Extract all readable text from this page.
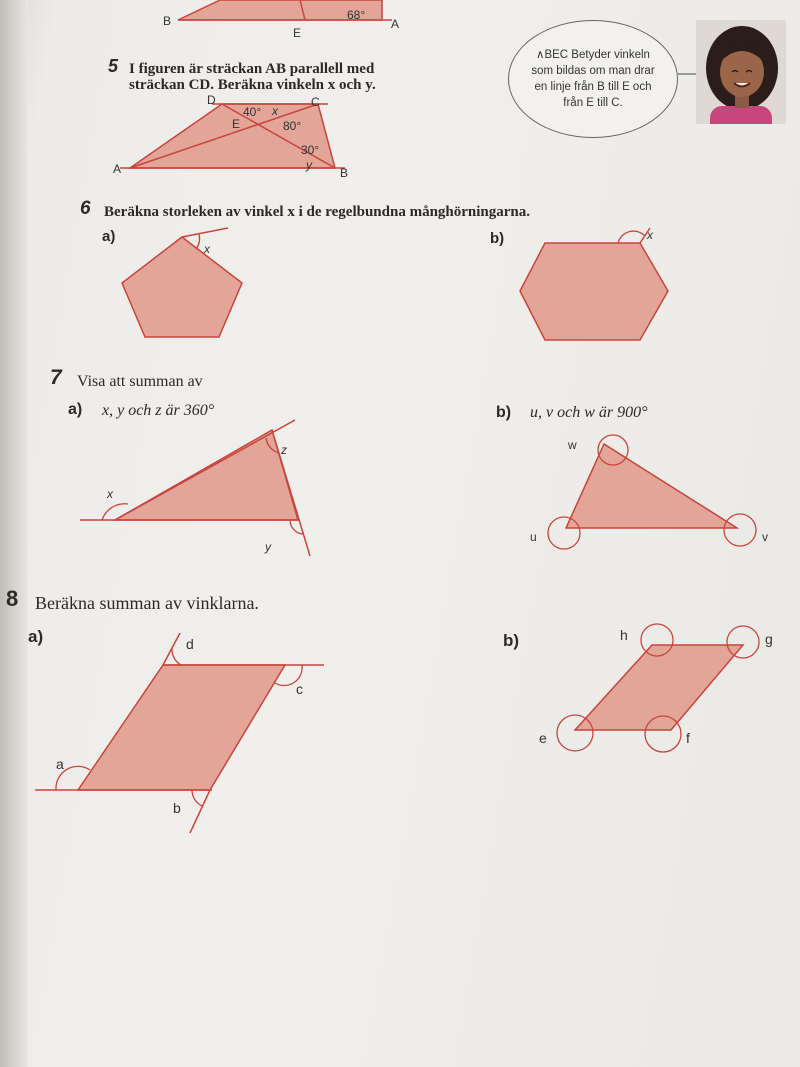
B
E
A
68°
5 I figuren är sträckan AB parallell med
sträckan CD. Beräkna vinkeln x och y.
D	C
E
A	B
40° x
80°
30°
y
∧BEC Betyder vinkeln som bildas om man drar en linje från B till E och från E till C.
6 Beräkna storleken av vinkel x i de regelbundna månghörningarna.
a)	b)
x
x
7 Visa att summan av
a) x, y och z är 360°	b) u, v och w är 900°
x
z
y
w
u	v
8 Beräkna summan av vinklarna.
a)	b)
a
b
c
d
e	f
g
h
